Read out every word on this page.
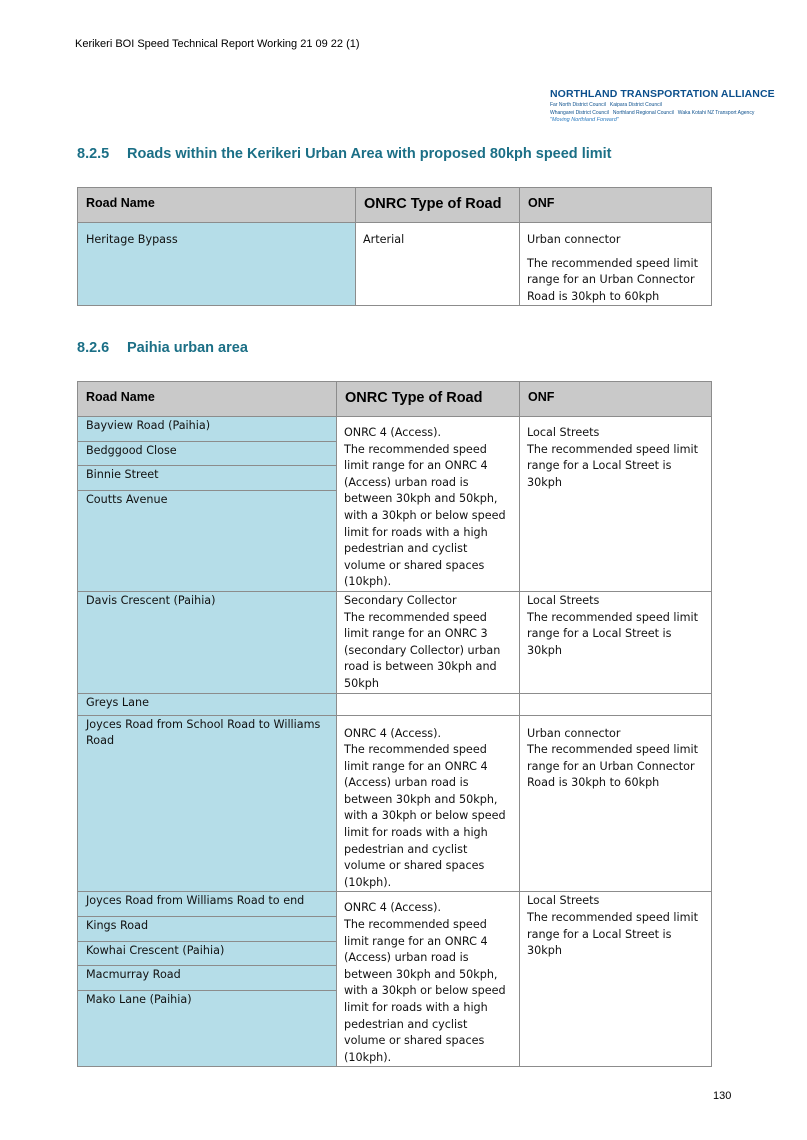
Kerikeri BOI Speed Technical Report Working 21 09 22 (1)
NORTHLAND TRANSPORTATION ALLIANCE
Far North District Council Kaipara District Council
Whangarei District Council Northland Regional Council Waka Kotahi NZ Transport Agency
"Moving Northland Forward"
8.2.5 Roads within the Kerikeri Urban Area with proposed 80kph speed limit
Road Name	ONRC Type of Road	ONF

Heritage Bypass	Arterial	Urban connector
The recommended speed limit range for an Urban Connector Road is 30kph to 60kph
8.2.6 Paihia urban area
Road Name	ONRC Type of Road	ONF

Bayview Road (Paihia)	ONRC 4 (Access).
The recommended speed limit range for an ONRC 4 (Access) urban road is between 30kph and 50kph, with a 30kph or below speed limit for roads with a high pedestrian and cyclist volume or shared spaces (10kph).	Local Streets
The recommended speed limit range for a Local Street is 30kph

Bedggood Close		

Binnie Street		

Coutts Avenue		

Davis Crescent (Paihia)	Secondary Collector
The recommended speed limit range for an ONRC 3 (secondary Collector) urban road is between 30kph and 50kph	Local Streets
The recommended speed limit range for a Local Street is 30kph

Greys Lane		

Joyces Road from School Road to Williams Road	ONRC 4 (Access).
The recommended speed limit range for an ONRC 4 (Access) urban road is between 30kph and 50kph, with a 30kph or below speed limit for roads with a high pedestrian and cyclist volume or shared spaces (10kph).	Urban connector
The recommended speed limit range for an Urban Connector Road is 30kph to 60kph

Joyces Road from Williams Road to end	ONRC 4 (Access).
The recommended speed limit range for an ONRC 4 (Access) urban road is between 30kph and 50kph, with a 30kph or below speed limit for roads with a high pedestrian and cyclist volume or shared spaces (10kph).	Local Streets
The recommended speed limit range for a Local Street is 30kph

Kings Road		

Kowhai Crescent (Paihia)		

Macmurray Road		

Mako Lane (Paihia)		
130
